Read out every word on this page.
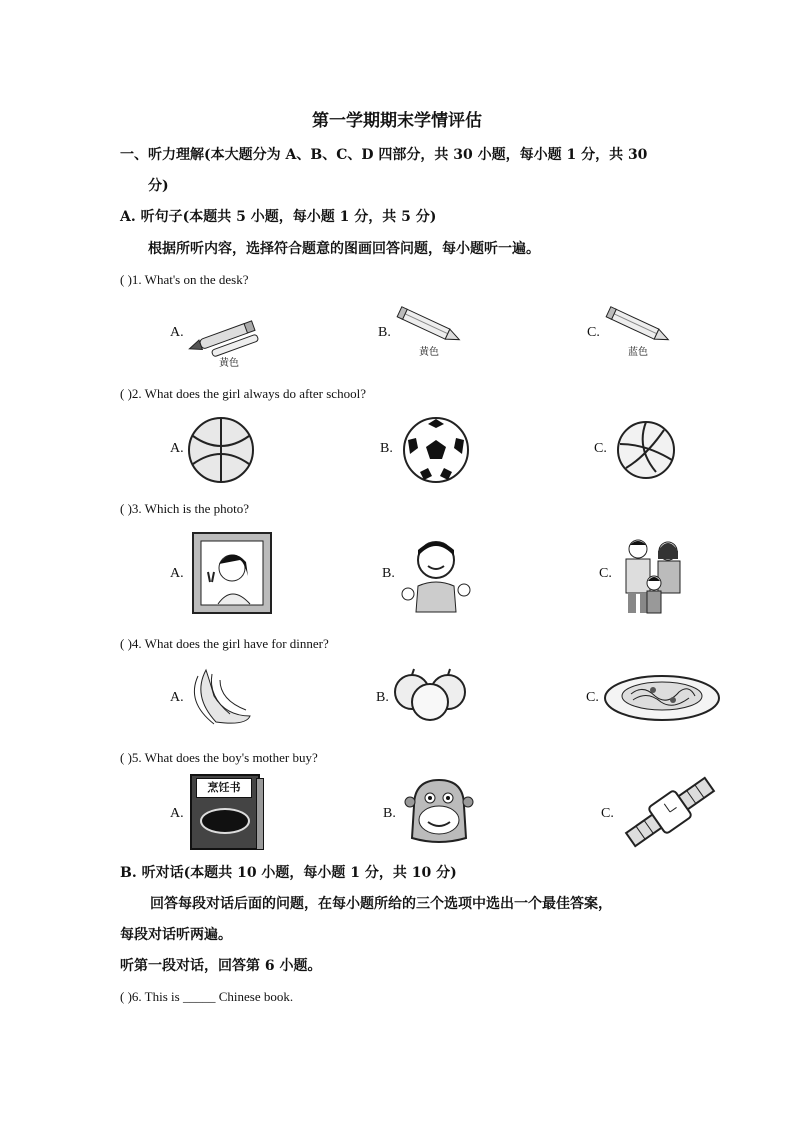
第一学期期末学情评估
一、听力理解(本大题分为 A、B、C、D 四部分，共 30 小题，每小题 1 分，共 30
分)
A. 听句子(本题共 5 小题，每小题 1 分，共 5 分)
根据所听内容，选择符合题意的图画回答问题，每小题听一遍。
( )1. What's on the desk?
A.
黄色
B.
黄色
C.
蓝色
( )2. What does the girl always do after school?
A.	B.	C.
( )3. Which is the photo?
A.	B.	C.
( )4. What does the girl have for dinner?
A.	B.	C.
( )5. What does the boy's mother buy?
A.
烹饪书
B.	C.
B. 听对话(本题共 10 小题，每小题 1 分，共 10 分)
回答每段对话后面的问题，在每小题所给的三个选项中选出一个最佳答案，
每段对话听两遍。
听第一段对话，回答第 6 小题。
( )6. This is _____ Chinese book.
